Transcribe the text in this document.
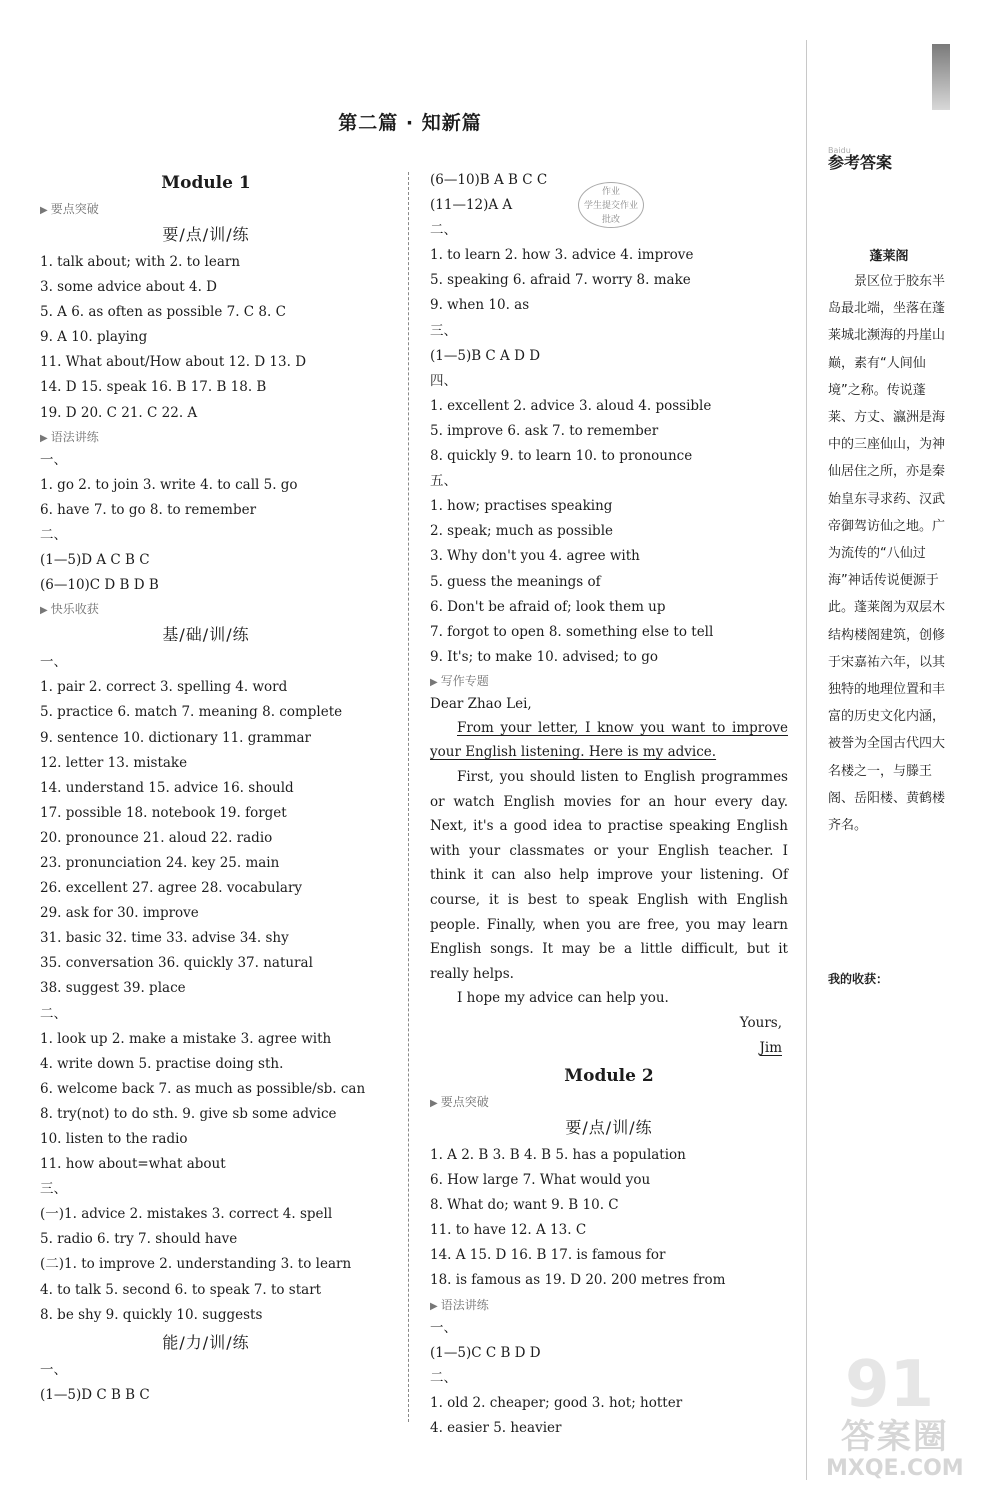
第二篇 · 知新篇
作业
学生提交作业
批改
Module 1
▶ 要点突破
要/点/训/练
1. talk about; with 2. to learn
3. some advice about 4. D
5. A 6. as often as possible 7. C 8. C
9. A 10. playing
11. What about/How about 12. D 13. D
14. D 15. speak 16. B 17. B 18. B
19. D 20. C 21. C 22. A
▶ 语法讲练
一、
1. go 2. to join 3. write 4. to call 5. go
6. have 7. to go 8. to remember
二、
(1—5)D A C B C
(6—10)C D B D B
▶ 快乐收获
基/础/训/练
一、
1. pair 2. correct 3. spelling 4. word
5. practice 6. match 7. meaning 8. complete
9. sentence 10. dictionary 11. grammar
12. letter 13. mistake
14. understand 15. advice 16. should
17. possible 18. notebook 19. forget
20. pronounce 21. aloud 22. radio
23. pronunciation 24. key 25. main
26. excellent 27. agree 28. vocabulary
29. ask for 30. improve
31. basic 32. time 33. advise 34. shy
35. conversation 36. quickly 37. natural
38. suggest 39. place
二、
1. look up 2. make a mistake 3. agree with
4. write down 5. practise doing sth.
6. welcome back 7. as much as possible/sb. can
8. try(not) to do sth. 9. give sb some advice
10. listen to the radio
11. how about=what about
三、
(一)1. advice 2. mistakes 3. correct 4. spell
5. radio 6. try 7. should have
(二)1. to improve 2. understanding 3. to learn
4. to talk 5. second 6. to speak 7. to start
8. be shy 9. quickly 10. suggests
能/力/训/练
一、
(1—5)D C B B C
(6—10)B A B C C
(11—12)A A
二、
1. to learn 2. how 3. advice 4. improve
5. speaking 6. afraid 7. worry 8. make
9. when 10. as
三、
(1—5)B C A D D
四、
1. excellent 2. advice 3. aloud 4. possible
5. improve 6. ask 7. to remember
8. quickly 9. to learn 10. to pronounce
五、
1. how; practises speaking
2. speak; much as possible
3. Why don't you 4. agree with
5. guess the meanings of
6. Don't be afraid of; look them up
7. forgot to open 8. something else to tell
9. It's; to make 10. advised; to go
▶ 写作专题
Dear Zhao Lei,

From your letter, I know you want to improve your English listening. Here is my advice.

First, you should listen to English programmes or watch English movies for an hour every day. Next, it's a good idea to practise speaking English with your classmates or your English teacher. I think it can also help improve your listening. Of course, it is best to speak English with English people. Finally, when you are free, you may learn English songs. It may be a little difficult, but it really helps.

I hope my advice can help you.

Yours,
Jim
Module 2
▶ 要点突破
要/点/训/练
1. A 2. B 3. B 4. B 5. has a population
6. How large 7. What would you
8. What do; want 9. B 10. C
11. to have 12. A 13. C
14. A 15. D 16. B 17. is famous for
18. is famous as 19. D 20. 200 metres from
▶ 语法讲练
一、
(1—5)C C B D D
二、
1. old 2. cheaper; good 3. hot; hotter
4. easier 5. heavier
Baidu
参考答案
蓬莱阁
景区位于胶东半岛最北端，坐落在蓬莱城北濒海的丹崖山巅，素有“人间仙境”之称。传说蓬莱、方丈、瀛洲是海中的三座仙山，为神仙居住之所，亦是秦始皇东寻求药、汉武帝御驾访仙之地。广为流传的“八仙过海”神话传说便源于此。蓬莱阁为双层木结构楼阁建筑，创修于宋嘉祐六年，以其独特的地理位置和丰富的历史文化内涵，被誉为全国古代四大名楼之一，与滕王阁、岳阳楼、黄鹤楼齐名。
我的收获：
91
答案圈
MXQE.COM
